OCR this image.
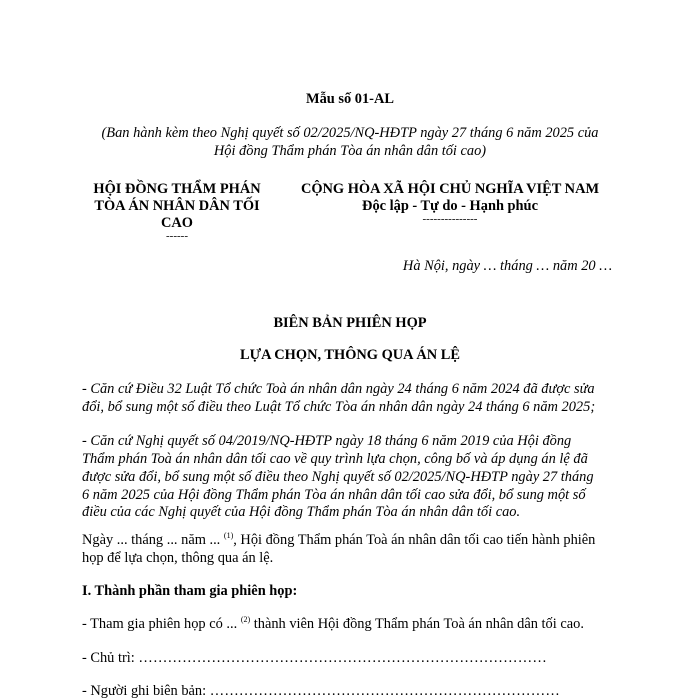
Mẫu số 01-AL
(Ban hành kèm theo Nghị quyết số 02/2025/NQ-HĐTP ngày 27 tháng 6 năm 2025 của
Hội đồng Thẩm phán Tòa án nhân dân tối cao)
HỘI ĐỒNG THẨM PHÁN
TÒA ÁN NHÂN DÂN TỐI
CAO
------
CỘNG HÒA XÃ HỘI CHỦ NGHĨA VIỆT NAM
Độc lập - Tự do - Hạnh phúc
---------------
Hà Nội, ngày … tháng … năm 20 …
BIÊN BẢN PHIÊN HỌP
LỰA CHỌN, THÔNG QUA ÁN LỆ
- Căn cứ Điều 32 Luật Tổ chức Toà án nhân dân ngày 24 tháng 6 năm 2024 đã được sửa
đổi, bổ sung một số điều theo Luật Tổ chức Tòa án nhân dân ngày 24 tháng 6 năm 2025;
- Căn cứ Nghị quyết số 04/2019/NQ-HĐTP ngày 18 tháng 6 năm 2019 của Hội đồng
Thẩm phán Toà án nhân dân tối cao về quy trình lựa chọn, công bố và áp dụng án lệ đã
được sửa đổi, bổ sung một số điều theo Nghị quyết số 02/2025/NQ-HĐTP ngày 27 tháng
6 năm 2025 của Hội đồng Thẩm phán Tòa án nhân dân tối cao sửa đổi, bổ sung một số
điều của các Nghị quyết của Hội đồng Thẩm phán Tòa án nhân dân tối cao.
Ngày ... tháng ... năm ... $^{(1)}$, Hội đồng Thẩm phán Toà án nhân dân tối cao tiến hành phiên
họp để lựa chọn, thông qua án lệ.
I. Thành phần tham gia phiên họp:
- Tham gia phiên họp có ... $^{(2)}$ thành viên Hội đồng Thẩm phán Toà án nhân dân tối cao.
- Chủ trì: …………………………………………………………………………
- Người ghi biên bản: ………………………………………………………………
